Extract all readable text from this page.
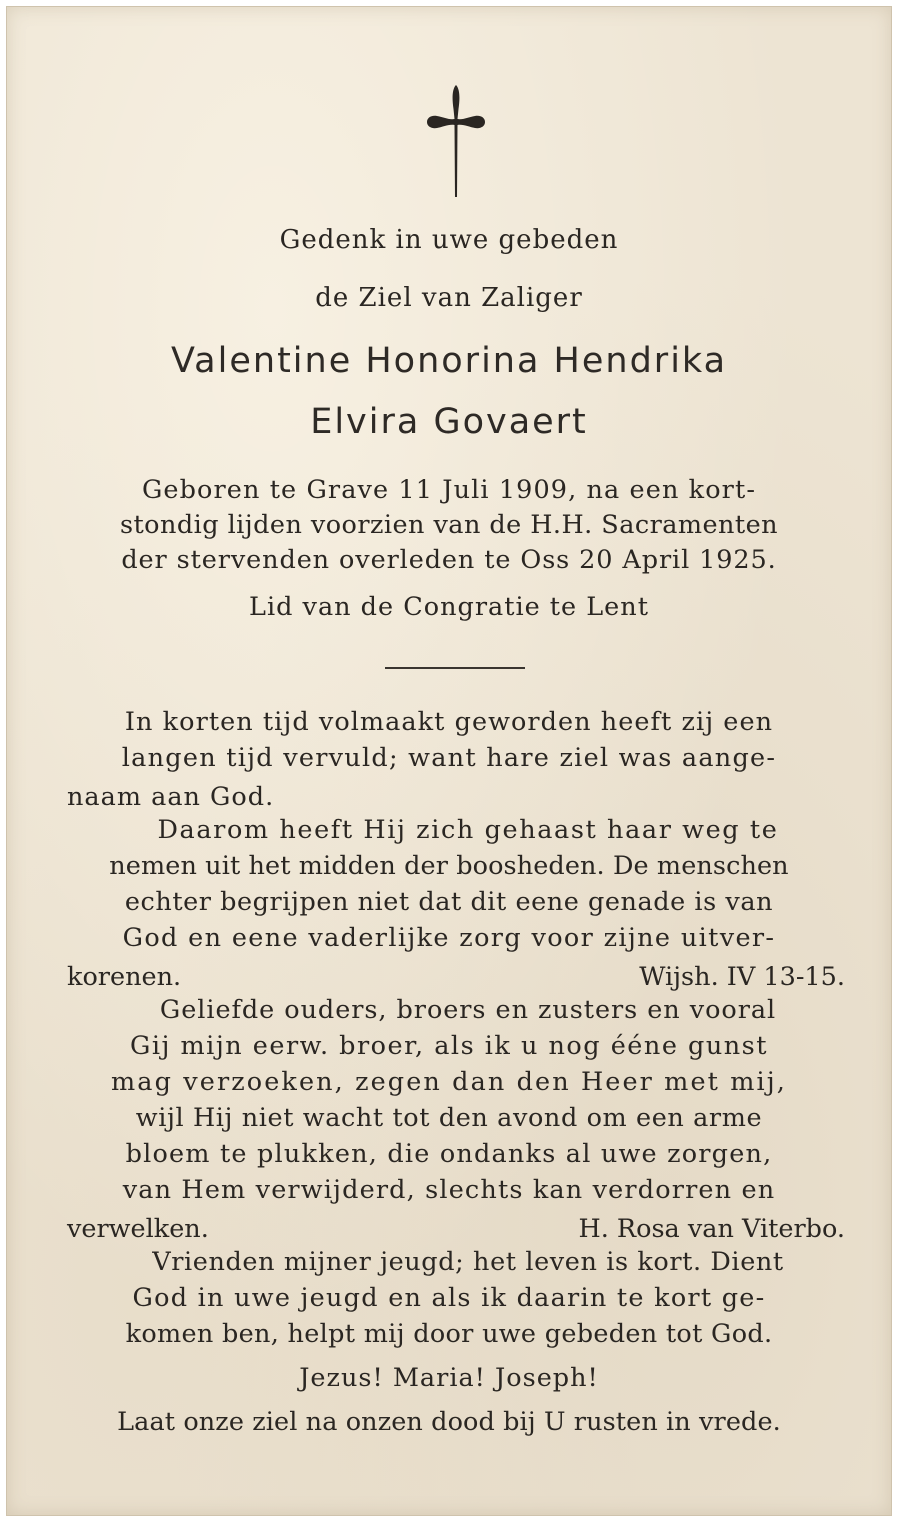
Gedenk in uwe gebeden
de Ziel van Zaliger
Valentine Honorina Hendrika
Elvira Govaert
Geboren te Grave 11 Juli 1909, na een kort-
stondig lijden voorzien van de H.H. Sacramenten
der stervenden overleden te Oss 20 April 1925.
Lid van de Congratie te Lent
In korten tijd volmaakt geworden heeft zij een
langen tijd vervuld; want hare ziel was aange-
naam aan God.
Daarom heeft Hij zich gehaast haar weg te
nemen uit het midden der boosheden. De menschen
echter begrijpen niet dat dit eene genade is van
God en eene vaderlijke zorg voor zijne uitver-
korenen.	Wijsh. IV 13-15.
Geliefde ouders, broers en zusters en vooral
Gij mijn eerw. broer, als ik u nog ééne gunst
mag verzoeken, zegen dan den Heer met mij,
wijl Hij niet wacht tot den avond om een arme
bloem te plukken, die ondanks al uwe zorgen,
van Hem verwijderd, slechts kan verdorren en
verwelken.	H. Rosa van Viterbo.
Vrienden mijner jeugd; het leven is kort. Dient
God in uwe jeugd en als ik daarin te kort ge-
komen ben, helpt mij door uwe gebeden tot God.
Jezus! Maria! Joseph!
Laat onze ziel na onzen dood bij U rusten in vrede.
